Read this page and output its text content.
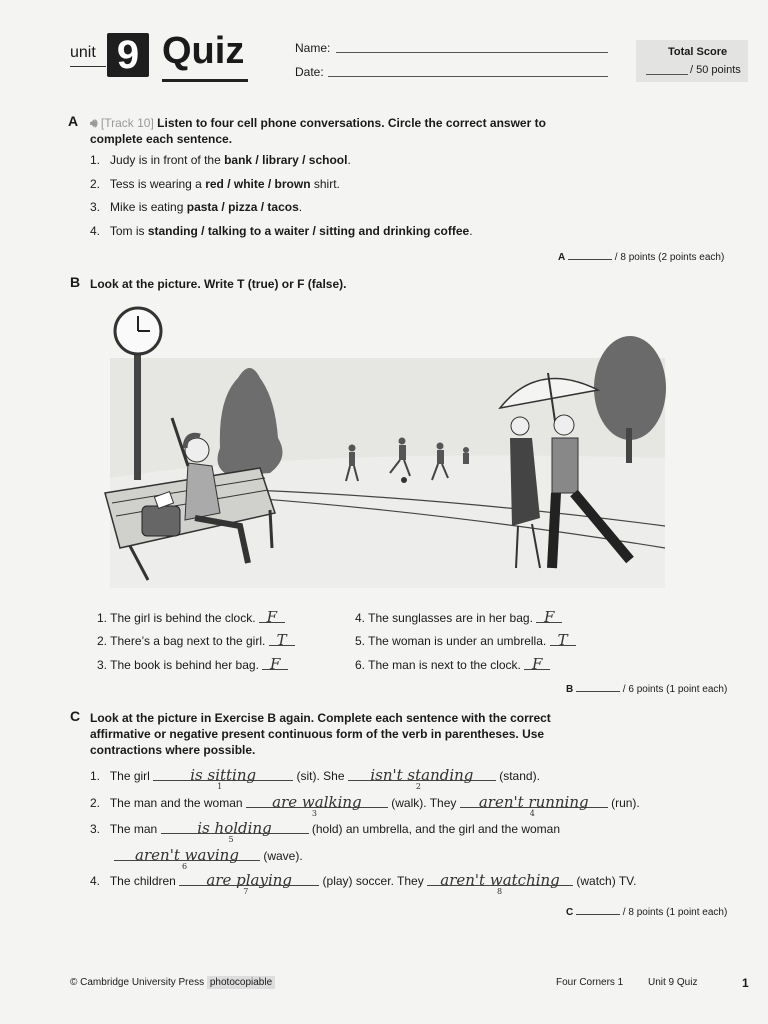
unit 9 Quiz	Name:
Date:
Total Score
/ 50 points
A 🔊︎ [Track 10] Listen to four cell phone conversations. Circle the correct answer to complete each sentence.
1. Judy is in front of the bank / library / school.
2. Tess is wearing a red / white / brown shirt.
3. Mike is eating pasta / pizza / tacos.
4. Tom is standing / talking to a waiter / sitting and drinking coffee.
A	/ 8 points (2 points each)
B Look at the picture. Write T (true) or F (false).
1. The girl is behind the clock. F
2. There’s a bag next to the girl. T
3. The book is behind her bag. F
4. The sunglasses are in her bag. F
5. The woman is under an umbrella. T
6. The man is next to the clock. F
B	/ 6 points (1 point each)
C Look at the picture in Exercise B again. Complete each sentence with the correct affirmative or negative present continuous form of the verb in parentheses. Use contractions where possible.
1. The girl	is sitting
1
(sit). She isn't standing
2
(stand).
2. The man and the woman are walking
3
(walk). They aren't running
4
(run).
3. The man	is holding
5
(hold) an umbrella, and the girl and the woman
aren't waving
6
(wave).
4. The children are playing
7
(play) soccer. They aren't watching
8
(watch) TV.
C	/ 8 points (1 point each)
© Cambridge University Press photocopiable	Four Corners 1 Unit 9 Quiz	1
